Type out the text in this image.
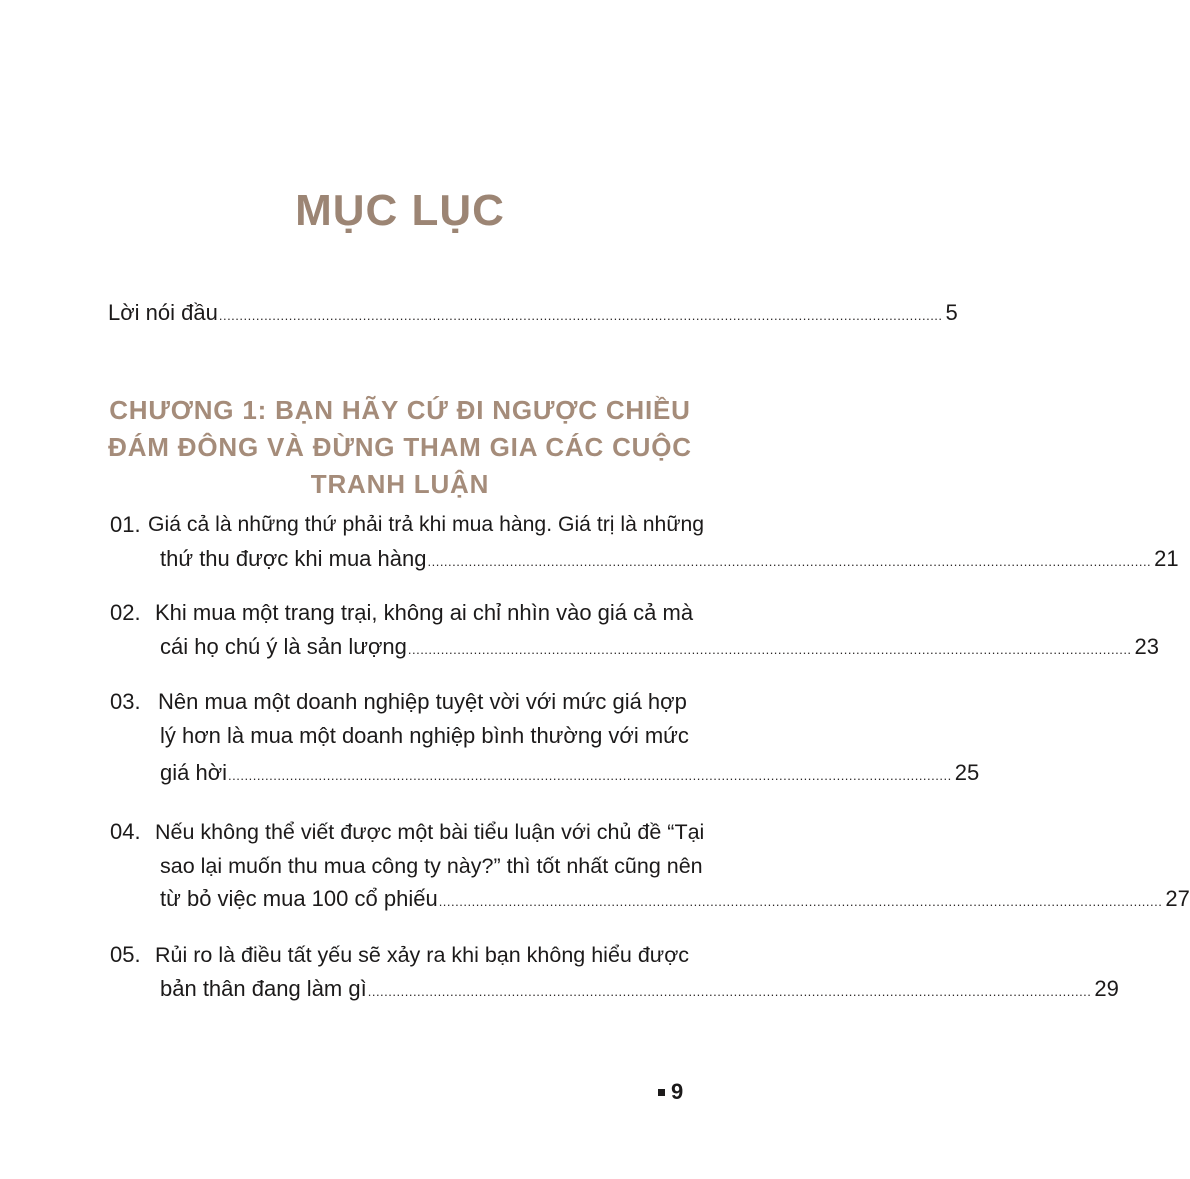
MỤC LỤC
Lời nói đầu ................................................................................................................................................................................ 5
CHƯƠNG 1: BẠN HÃY CỨ ĐI NGƯỢC CHIỀU
ĐÁM ĐÔNG VÀ ĐỪNG THAM GIA CÁC CUỘC
TRANH LUẬN
01. Giá cả là những thứ phải trả khi mua hàng. Giá trị là những
thứ thu được khi mua hàng ................................................................................................................................................................................ 21
02. Khi mua một trang trại, không ai chỉ nhìn vào giá cả mà
cái họ chú ý là sản lượng ................................................................................................................................................................................ 23
03. Nên mua một doanh nghiệp tuyệt vời với mức giá hợp
lý hơn là mua một doanh nghiệp bình thường với mức
giá hời ................................................................................................................................................................................ 25
04. Nếu không thể viết được một bài tiểu luận với chủ đề “Tại
sao lại muốn thu mua công ty này?” thì tốt nhất cũng nên
từ bỏ việc mua 100 cổ phiếu ................................................................................................................................................................................ 27
05. Rủi ro là điều tất yếu sẽ xảy ra khi bạn không hiểu được
bản thân đang làm gì ................................................................................................................................................................................ 29
9
